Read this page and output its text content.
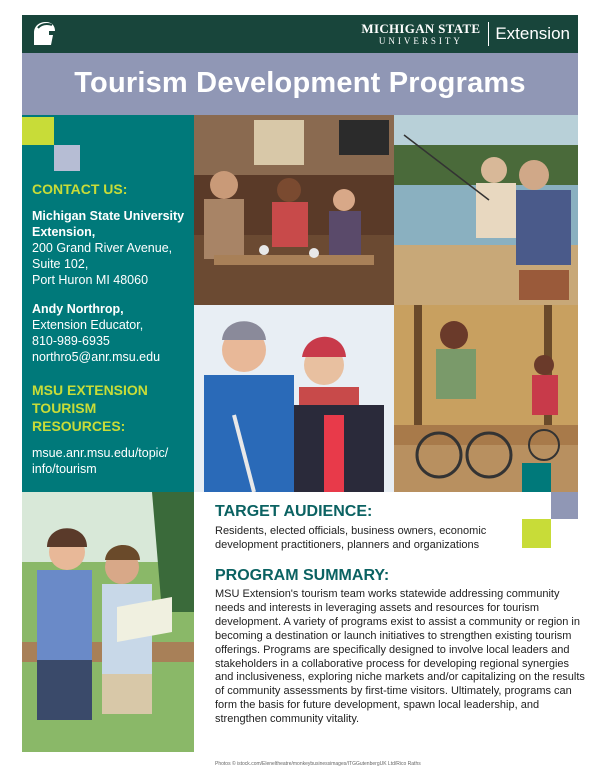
MICHIGAN STATE
UNIVERSITY	Extension
Tourism Development Programs
CONTACT US:
Michigan State University Extension,
200 Grand River Avenue,
Suite 102,
Port Huron MI 48060
Andy Northrop,
Extension Educator,
810-989-6935
northro5@anr.msu.edu
MSU EXTENSION TOURISM RESOURCES:
msue.anr.msu.edu/topic/ info/tourism
TARGET AUDIENCE:
Residents, elected officials, business owners, economic development practitioners, planners and organizations
PROGRAM SUMMARY:
MSU Extension's tourism team works statewide addressing community needs and interests in leveraging assets and resources for tourism development. A variety of programs exist to assist a community or region in becoming a destination or launch initiatives to strengthen existing tourism offerings. Programs are specifically designed to involve local leaders and stakeholders in a collaborative process for developing regional synergies and inclusiveness, exploring niche markets and/or capitalizing on the results of community assessments by first-time visitors. Ultimately, programs can form the basis for future development, spawn local leadership, and strengthen community vitality.
Photos © istock.com/Eleneltheatre/monkeybusinessimages/ITGGutenbergUK Ltd/Rico Raths
